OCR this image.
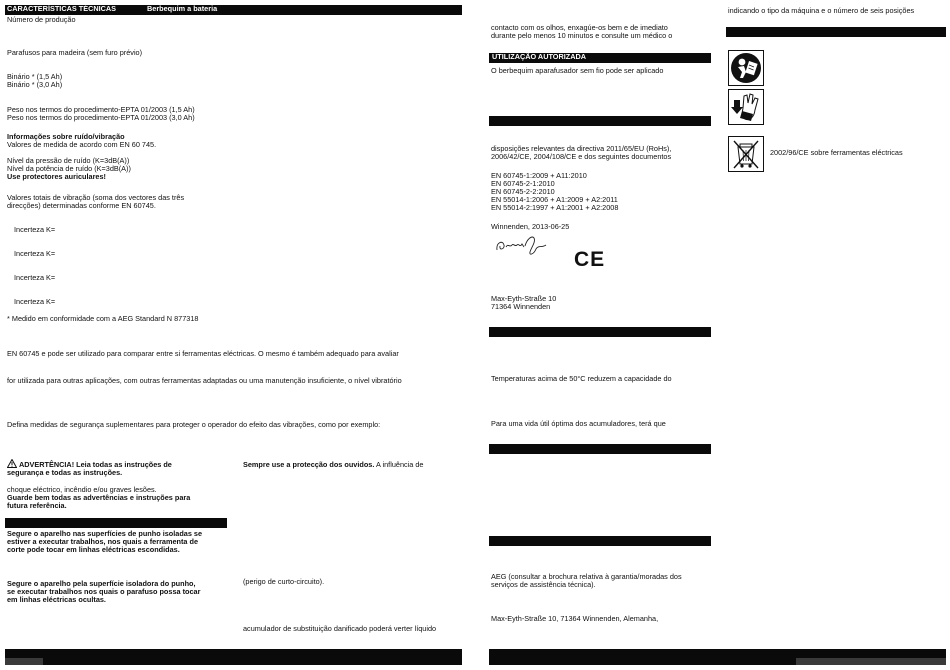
CARACTERÍSTICAS TÉCNICAS	Berbequim a bateria
Número de produção
Parafusos para madeira (sem furo prévio)
Binário * (1,5 Ah)
Binário * (3,0 Ah)
Peso nos termos do procedimento-EPTA 01/2003 (1,5 Ah)
Peso nos termos do procedimento-EPTA 01/2003 (3,0 Ah)
Informações sobre ruído/vibração
Valores de medida de acordo com EN 60 745.
Nível da pressão de ruído (K=3dB(A))
Nível da potência de ruído (K=3dB(A))
Use protectores auriculares!
Valores totais de vibração (soma dos vectores das três
direcções) determinadas conforme EN 60745.
Incerteza K=
Incerteza K=
Incerteza K=
Incerteza K=
* Medido em conformidade com a AEG Standard N 877318
EN 60745 e pode ser utilizado para comparar entre si ferramentas eléctricas. O mesmo é também adequado para avaliar
for utilizada para outras aplicações, com outras ferramentas adaptadas ou uma manutenção insuficiente, o nível vibratório
Defina medidas de segurança suplementares para proteger o operador do efeito das vibrações, como por exemplo:
ADVERTÊNCIA! Leia todas as instruções de
segurança e todas as instruções.
choque eléctrico, incêndio e/ou graves lesões.
Guarde bem todas as advertências e instruções para
futura referência.
Segure o aparelho nas superfícies de punho isoladas se
estiver a executar trabalhos, nos quais a ferramenta de
corte pode tocar em linhas eléctricas escondidas.
Segure o aparelho pela superfície isoladora do punho,
se executar trabalhos nos quais o parafuso possa tocar
em linhas eléctricas ocultas.
Sempre use a protecção dos ouvidos. A influência de
(perigo de curto-circuito).
acumulador de substituição danificado poderá verter líquido
contacto com os olhos, enxagúe-os bem e de imediato
durante pelo menos 10 minutos e consulte um médico o
UTILIZAÇÃO AUTORIZADA
O berbequim aparafusador sem fio pode ser aplicado
disposições relevantes da directiva 2011/65/EU (RoHs),
2006/42/CE, 2004/108/CE e dos seguintes documentos
EN 60745-1:2009 + A11:2010
EN 60745-2-1:2010
EN 60745-2-2:2010
EN 55014-1:2006 + A1:2009 + A2:2011
EN 55014-2:1997 + A1:2001 + A2:2008
Winnenden, 2013-06-25
CE
Max-Eyth-Straße 10
71364 Winnenden
Temperaturas acima de 50°C reduzem a capacidade do
Para uma vida útil óptima dos acumuladores, terá que
AEG (consultar a brochura relativa à garantia/moradas dos
serviços de assistência técnica).
Max-Eyth-Straße 10, 71364 Winnenden, Alemanha,
indicando o tipo da máquina e o número de seis posições
2002/96/CE sobre ferramentas eléctricas
